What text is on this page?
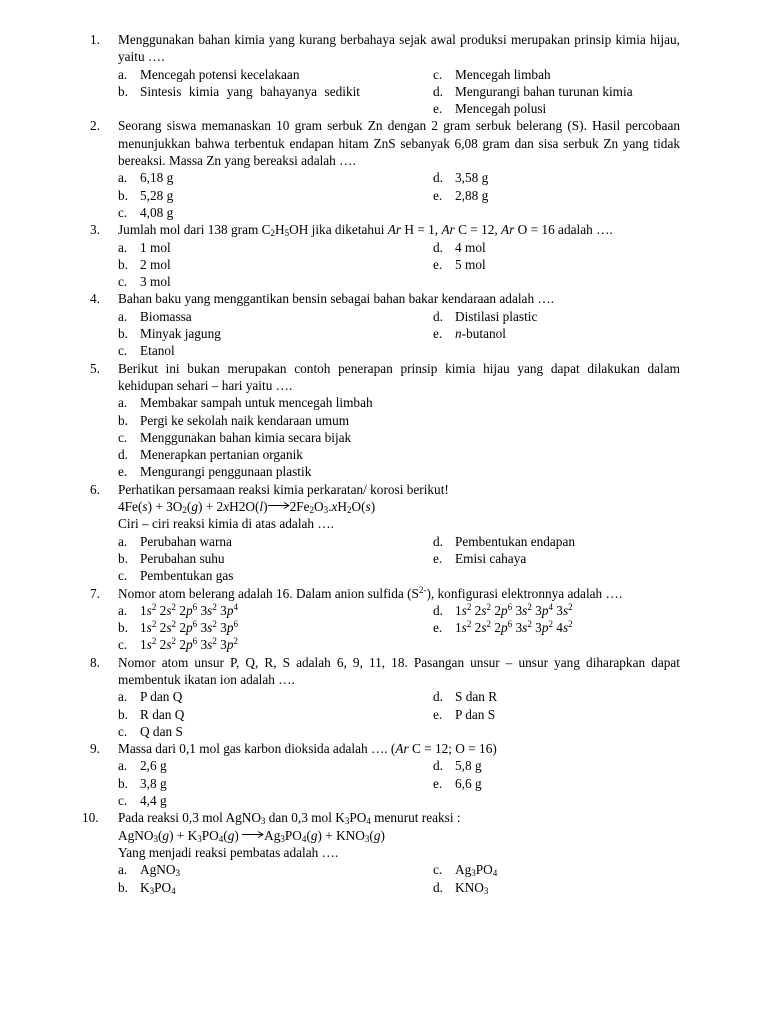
1. Menggunakan bahan kimia yang kurang berbahaya sejak awal produksi merupakan prinsip kimia hijau, yaitu ….
a. Mencegah potensi kecelakaan	c. Mencegah limbah
b. Sintesis kimia yang bahayanya sedikit	d. Mengurangi bahan turunan kimia
e. Mencegah polusi
2. Seorang siswa memanaskan 10 gram serbuk Zn dengan 2 gram serbuk belerang (S). Hasil percobaan menunjukkan bahwa terbentuk endapan hitam ZnS sebanyak 6,08 gram dan sisa serbuk Zn yang tidak bereaksi. Massa Zn yang bereaksi adalah ….
a. 6,18 g	d. 3,58 g
b. 5,28 g	e. 2,88 g
c. 4,08 g
3. Jumlah mol dari 138 gram $C_2H_5OH$ jika diketahui Ar H = 1, Ar C = 12, Ar O = 16 adalah ….
a. 1 mol	d. 4 mol
b. 2 mol	e. 5 mol
c. 3 mol
4. Bahan baku yang menggantikan bensin sebagai bahan bakar kendaraan adalah ….
a. Biomassa	d. Distilasi plastic
b. Minyak jagung	e. n-butanol
c. Etanol
5. Berikut ini bukan merupakan contoh penerapan prinsip kimia hijau yang dapat dilakukan dalam kehidupan sehari – hari yaitu ….
a. Membakar sampah untuk mencegah limbah
b. Pergi ke sekolah naik kendaraan umum
c. Menggunakan bahan kimia secara bijak
d. Menerapkan pertanian organik
e. Mengurangi penggunaan plastik
6. Perhatikan persamaan reaksi kimia perkaratan/ korosi berikut!
$4Fe(s) + 3O_2(g) + 2xH2O(l)\to 2Fe_2O_3.xH_2O(s)$
Ciri – ciri reaksi kimia di atas adalah ….
a. Perubahan warna	d. Pembentukan endapan
b. Perubahan suhu	e. Emisi cahaya
c. Pembentukan gas
7. Nomor atom belerang adalah 16. Dalam anion sulfida $(S^{2-})$, konfigurasi elektronnya adalah ….
a. $1s^2$ $2s^2$ $2p^6$ $3s^2$ $3p^4$	d. $1s^2$ $2s^2$ $2p^6$ $3s^2$ $3p^4$ $3s^2$
b. $1s^2$ $2s^2$ $2p^6$ $3s^2$ $3p^6$	e. $1s^2$ $2s^2$ $2p^6$ $3s^2$ $3p^2$ $4s^2$
c. $1s^2$ $2s^2$ $2p^6$ $3s^2$ $3p^2$
8. Nomor atom unsur P, Q, R, S adalah 6, 9, 11, 18. Pasangan unsur – unsur yang diharapkan dapat membentuk ikatan ion adalah ….
a. P dan Q	d. S dan R
b. R dan Q	e. P dan S
c. Q dan S
9. Massa dari 0,1 mol gas karbon dioksida adalah …. (Ar C = 12; O = 16)
a. 2,6 g	d. 5,8 g
b. 3,8 g	e. 6,6 g
c. 4,4 g
10. Pada reaksi 0,3 mol AgNO$_3$ dan 0,3 mol $K_3PO_4$ menurut reaksi :
AgNO$_3$(g) + $K_3PO_4(g) \to Ag_3PO_4(g) + KNO_3(g)$
Yang menjadi reaksi pembatas adalah ….
a. AgNO$_3$	c. $Ag_3PO_4$
b. $K_3PO_4$	d. $KNO_3$
